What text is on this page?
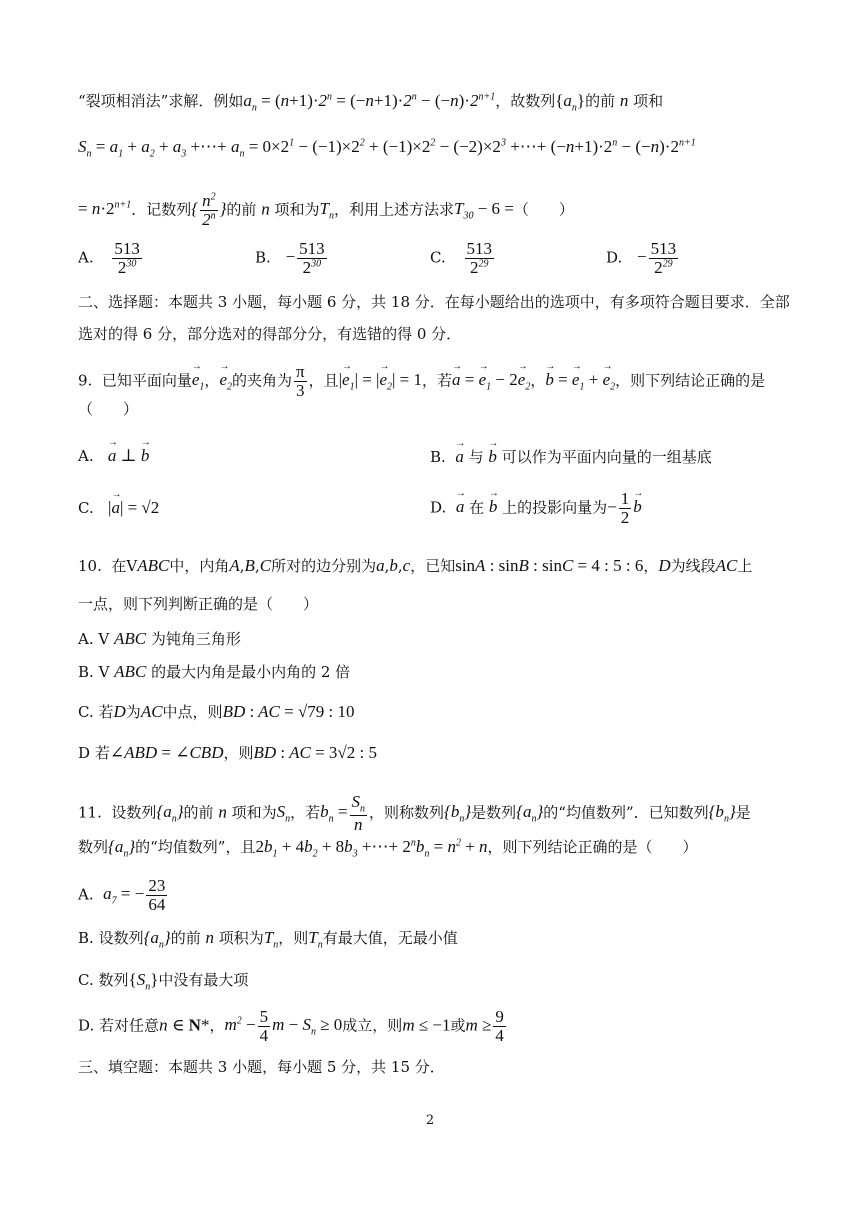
“裂项相消法”求解．例如$a_n = (n+1)\cdot 2^n = (-n+1)\cdot 2^n - (-n)\cdot 2^{n+1}$，故数列$\{a_n\}$的前 n 项和
$S_n = a_1 + a_2 + a_3$ +⋯+ $a_n = 0\times 2^1 - (-1)\times 2^2 + (-1)\times 2^2 - (-2)\times 2^3$ +⋯+ $(-n+1)\cdot 2^n - (-n)\cdot 2^{n+1}$
= $n\cdot 2^{n+1}$．记数列{ $\frac{n^2}{2^n}$ }的前 n 项和为$T_n$，利用上述方法求$T_{30} - 6$ =（　　）
A. $\frac{513}{2^{30}}$	B. − $\frac{513}{2^{30}}$	C. $\frac{513}{2^{29}}$	D. − $\frac{513}{2^{29}}$
二、选择题：本题共 3 小题，每小题 6 分，共 18 分．在每小题给出的选项中，有多项符合题目要求．全部
选对的得 6 分，部分选对的得部分分，有选错的得 0 分．
9. 已知平面向量→ $e_1$，→ $e_2$的夹角为 $\frac{\pi}{3}$ ，且|→ $e_1|$ = |→ $e_2| = 1$，若→ a = → $e_1 - 2\to e_2$，→ b = → $e_1$ + → $e_2$，则下列结论正确的是
（　　）
A.   → a ⊥ → b	B.  → a 与 → b 可以作为平面内向量的一组基底
C. |→ a| = √2	D.  → a 在 → b 上的投影向量为− $\frac{1}{2}$
→ b
10. 在VABC中，内角A,B,C所对的边分别为a,b,c，已知sinA : sinB : sinC = 4 : 5 : 6，D为线段AC上
一点，则下列判断正确的是（　　）
A. V ABC 为钝角三角形
B. V ABC 的最大内角是最小内角的 2 倍
C. 若D为AC中点，则BD : AC = √79 : 10
D 若∠ABD = ∠CBD，则BD : AC = 3√2 : 5
11. 设数列$\{a_n\}$的前 n 项和为$S_n$，若$b_n = \frac{S_n}{n}$ ，则称数列$\{b_n\}$是数列$\{a_n\}$的“均值数列”．已知数列$\{b_n\}$是
数列$\{a_n\}$的“均值数列”，且$2b_1 + 4b_2 + 8b_3$ +⋯+ $2^nb_n = n^2 + n$，则下列结论正确的是（　　）
A. $a_7$ = − $\frac{23}{64}$
B. 设数列$\{a_n\}$的前 n 项积为$T_n$，则$T_n$有最大值，无最小值
C. 数列$\{S_n\}$中没有最大项
D. 若对任意n ∈ N*，$m^2 - \frac{5}{4}$ $m - S_n \ge 0$成立，则m ≤ −1或$m \ge \frac{9}{4}$
三、填空题：本题共 3 小题，每小题 5 分，共 15 分．
2
